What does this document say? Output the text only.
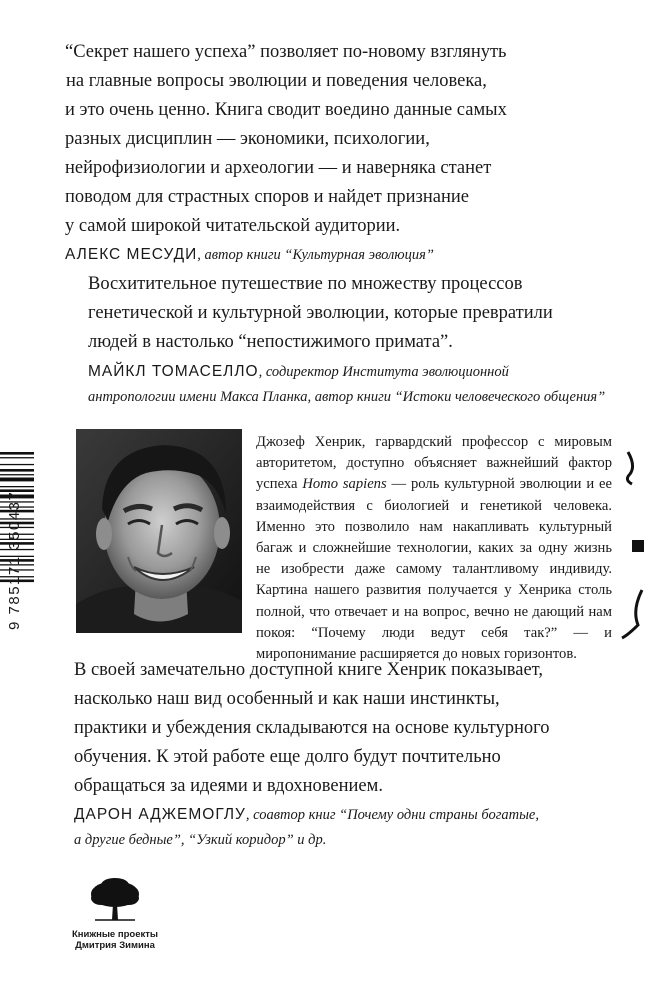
“Секрет нашего успеха” позволяет по-новому взглянуть

на главные вопросы эволюции и поведения человека,

и это очень ценно. Книга сводит воедино данные самых

разных дисциплин — экономики, психологии,

нейрофизиологии и археологии — и наверняка станет

поводом для страстных споров и найдет признание

у самой широкой читательской аудитории.

АЛЕКС МЕСУДИ, автор книги “Культурная эволюция”

Восхитительное путешествие по множеству процессов

генетической и культурной эволюции, которые превратили

людей в настолько “непостижимого примата”.

МАЙКЛ ТОМАСЕЛЛО, содиректор Института эволюционной

антропологии имени Макса Планка, автор книги “Истоки человеческого общения”

9 785171 350437
Джозеф Хенрик, гарвардский профессор с мировым авторитетом, доступно объясняет важнейший фактор успеха Homo sapiens — роль культурной эволюции и ее взаимодействия с биологией и генетикой человека. Именно это позволило нам накапливать культурный багаж и сложнейшие технологии, каких за одну жизнь не изобрести даже самому талантливому индивиду. Картина нашего развития получается у Хенрика столь полной, что отвечает и на вопрос, вечно не дающий нам покоя: “Почему люди ведут себя так?” — и миропонимание расширяется до новых горизонтов.

В своей замечательно доступной книге Хенрик показывает,

насколько наш вид особенный и как наши инстинкты,

практики и убеждения складываются на основе культурного

обучения. К этой работе еще долго будут почтительно

обращаться за идеями и вдохновением.

ДАРОН АДЖЕМОГЛУ, соавтор книг “Почему одни страны богатые,

а другие бедные”, “Узкий коридор” и др.

Книжные проекты
Дмитрия Зимина
